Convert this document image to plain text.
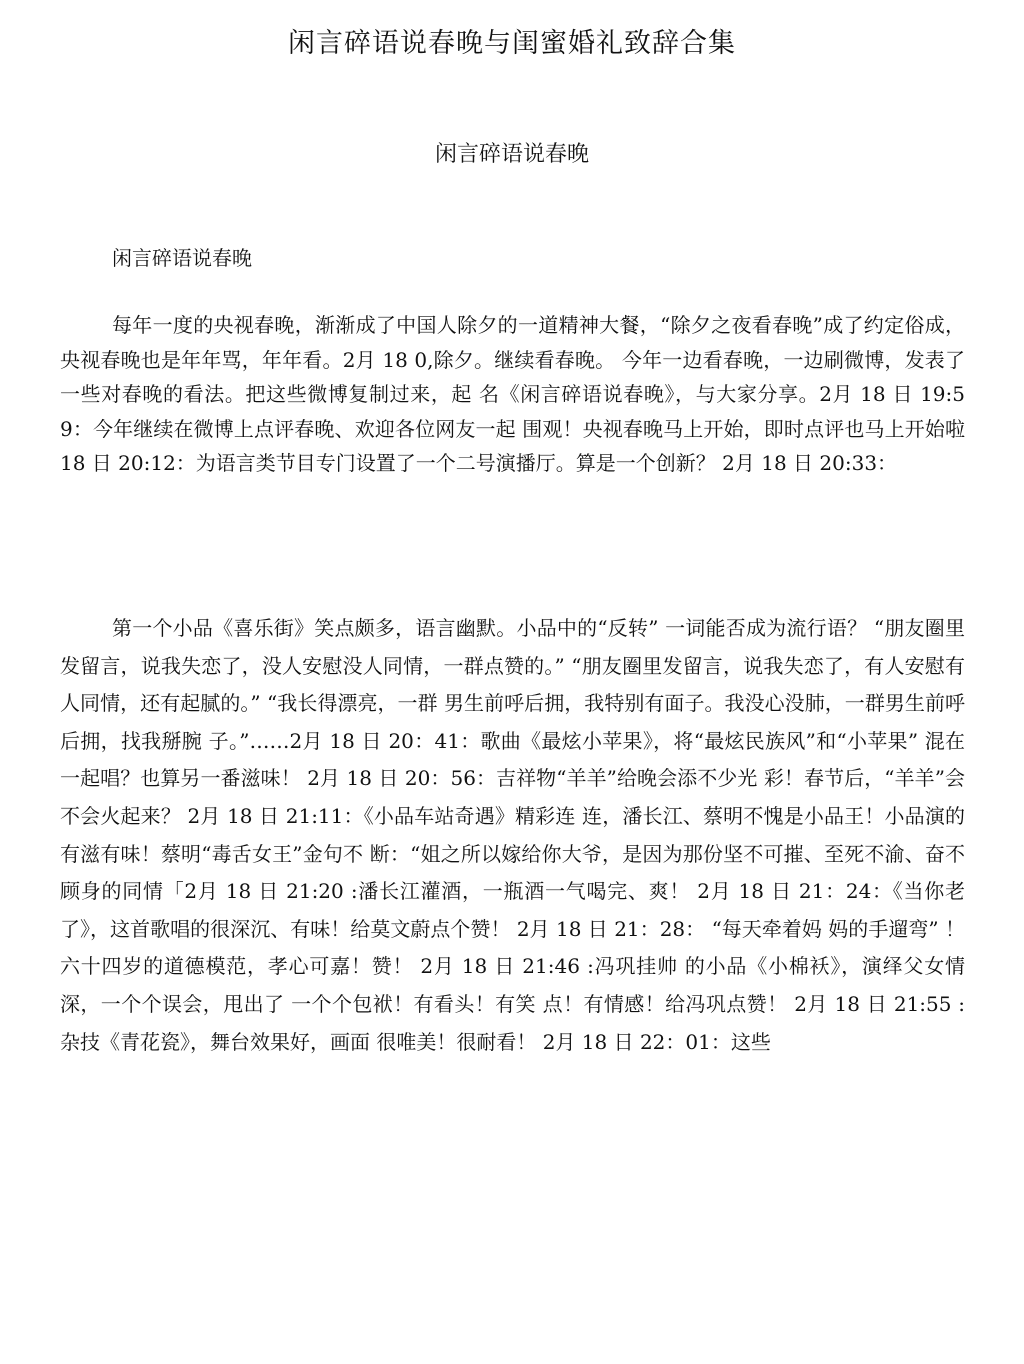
闲言碎语说春晚与闺蜜婚礼致辞合集
闲言碎语说春晚

闲言碎语说春晚

每年一度的央视春晚，渐渐成了中国人除夕的一道精神大餐，“除夕之夜看春晚”成了约定俗成，央视春晚也是年年骂，年年看。2月 18 0,除夕。继续看春晚。 今年一边看春晚，一边刷微博，发表了 一些对春晚的看法。把这些微博复制过来，起 名《闲言碎语说春晚》，与大家分享。2月 18 日 19:59：今年继续在微博上点评春晚、欢迎各位网友一起 围观！央视春晚马上开始，即时点评也马上开始啦 18 日 20:12：为语言类节目专门设置了一个二号演播厅。算是一个创新？ 2月 18 日 20:33：

第一个小品《喜乐街》笑点颇多，语言幽默。小品中的“反转” 一词能否成为流行语？ “朋友圈里发留言，说我失恋了，没人安慰没人同情，一群点赞的。” “朋友圈里发留言，说我失恋了，有人安慰有人同情，还有起腻的。” “我长得漂亮，一群 男生前呼后拥，我特别有面子。我没心没肺，一群男生前呼后拥，找我掰腕 子。”……2月 18 日 20：41：歌曲《最炫小苹果》，将“最炫民族风”和“小苹果” 混在一起唱？也算另一番滋味！ 2月 18 日 20：56：吉祥物“羊羊”给晚会添不少光 彩！春节后，“羊羊”会不会火起来？ 2月 18 日 21:11：《小品车站奇遇》精彩连 连，潘长江、蔡明不愧是小品王！小品演的有滋有味！蔡明“毒舌女王”金句不 断：“姐之所以嫁给你大爷，是因为那份坚不可摧、至死不渝、奋不顾身的同情「2月 18 日 21:20 :潘长江灌酒，一瓶酒一气喝完、爽！ 2月 18 日 21：24：《当你老 了》，这首歌唱的很深沉、有味！给莫文蔚点个赞！ 2月 18 日 21：28： “每天牵着妈 妈的手遛弯” ！六十四岁的道德模范，孝心可嘉！赞！ 2月 18 日 21:46 :冯巩挂帅 的小品《小棉袄》，演绎父女情深，一个个误会，甩出了 一个个包袱！有看头！有笑 点！有情感！给冯巩点赞！ 2月 18 日 21:55 :杂技《青花瓷》，舞台效果好，画面 很唯美！很耐看！ 2月 18 日 22：01：这些
